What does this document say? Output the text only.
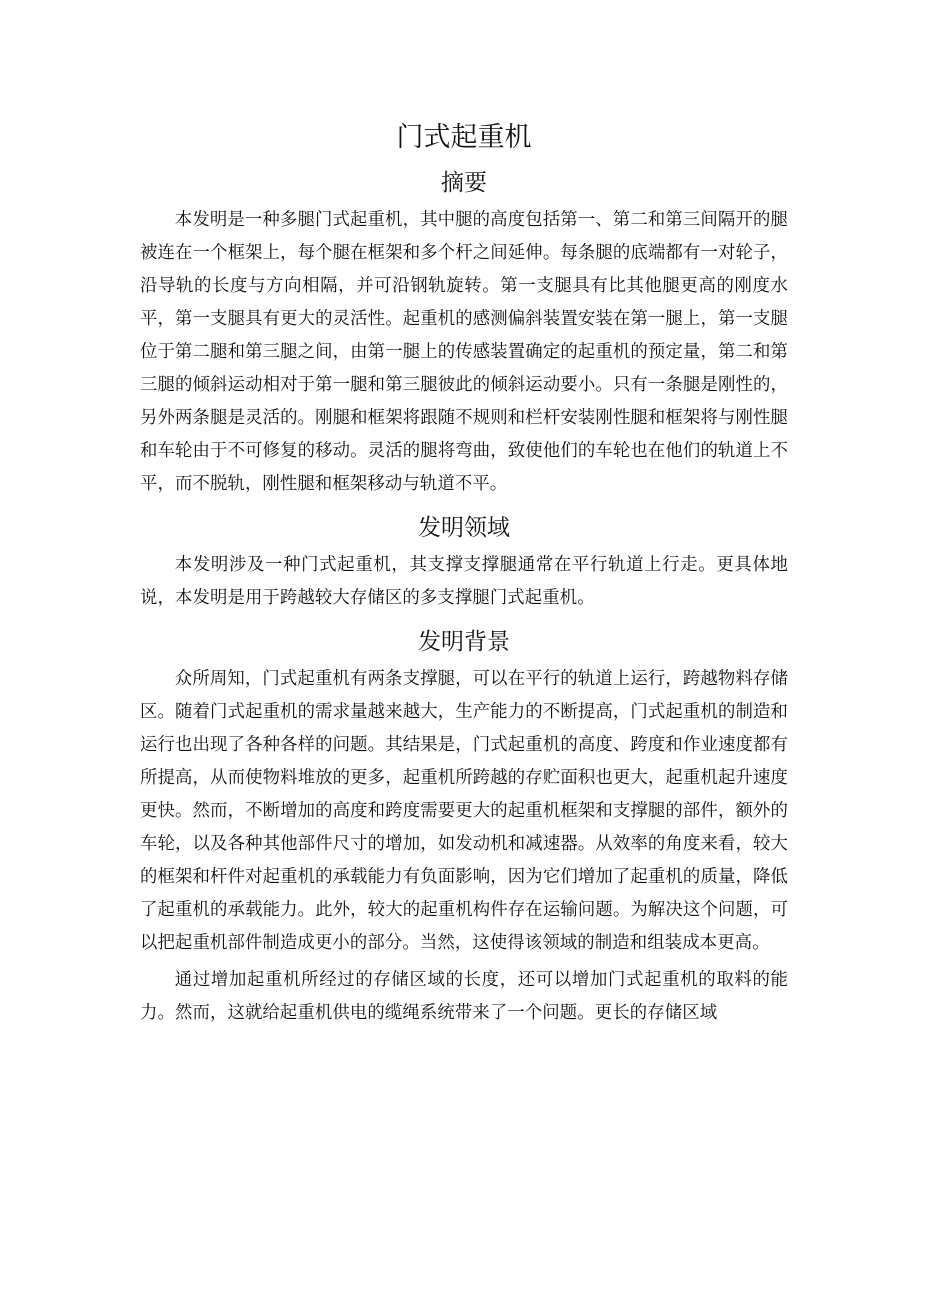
门式起重机
摘要

本发明是一种多腿门式起重机，其中腿的高度包括第一、第二和第三间隔开的腿被连在一个框架上，每个腿在框架和多个杆之间延伸。每条腿的底端都有一对轮子，沿导轨的长度与方向相隔，并可沿钢轨旋转。第一支腿具有比其他腿更高的刚度水平，第一支腿具有更大的灵活性。起重机的感测偏斜装置安装在第一腿上，第一支腿位于第二腿和第三腿之间，由第一腿上的传感装置确定的起重机的预定量，第二和第三腿的倾斜运动相对于第一腿和第三腿彼此的倾斜运动要小。只有一条腿是刚性的，另外两条腿是灵活的。刚腿和框架将跟随不规则和栏杆安装刚性腿和框架将与刚性腿和车轮由于不可修复的移动。灵活的腿将弯曲，致使他们的车轮也在他们的轨道上不平，而不脱轨，刚性腿和框架移动与轨道不平。

发明领域

本发明涉及一种门式起重机，其支撑支撑腿通常在平行轨道上行走。更具体地说，本发明是用于跨越较大存储区的多支撑腿门式起重机。

发明背景

众所周知，门式起重机有两条支撑腿，可以在平行的轨道上运行，跨越物料存储区。随着门式起重机的需求量越来越大，生产能力的不断提高，门式起重机的制造和运行也出现了各种各样的问题。其结果是，门式起重机的高度、跨度和作业速度都有所提高，从而使物料堆放的更多，起重机所跨越的存贮面积也更大，起重机起升速度更快。然而，不断增加的高度和跨度需要更大的起重机框架和支撑腿的部件，额外的车轮，以及各种其他部件尺寸的增加，如发动机和减速器。从效率的角度来看，较大的框架和杆件对起重机的承载能力有负面影响，因为它们增加了起重机的质量，降低了起重机的承载能力。此外，较大的起重机构件存在运输问题。为解决这个问题，可以把起重机部件制造成更小的部分。当然，这使得该领域的制造和组装成本更高。

通过增加起重机所经过的存储区域的长度，还可以增加门式起重机的取料的能力。然而，这就给起重机供电的缆绳系统带来了一个问题。更长的存储区域
